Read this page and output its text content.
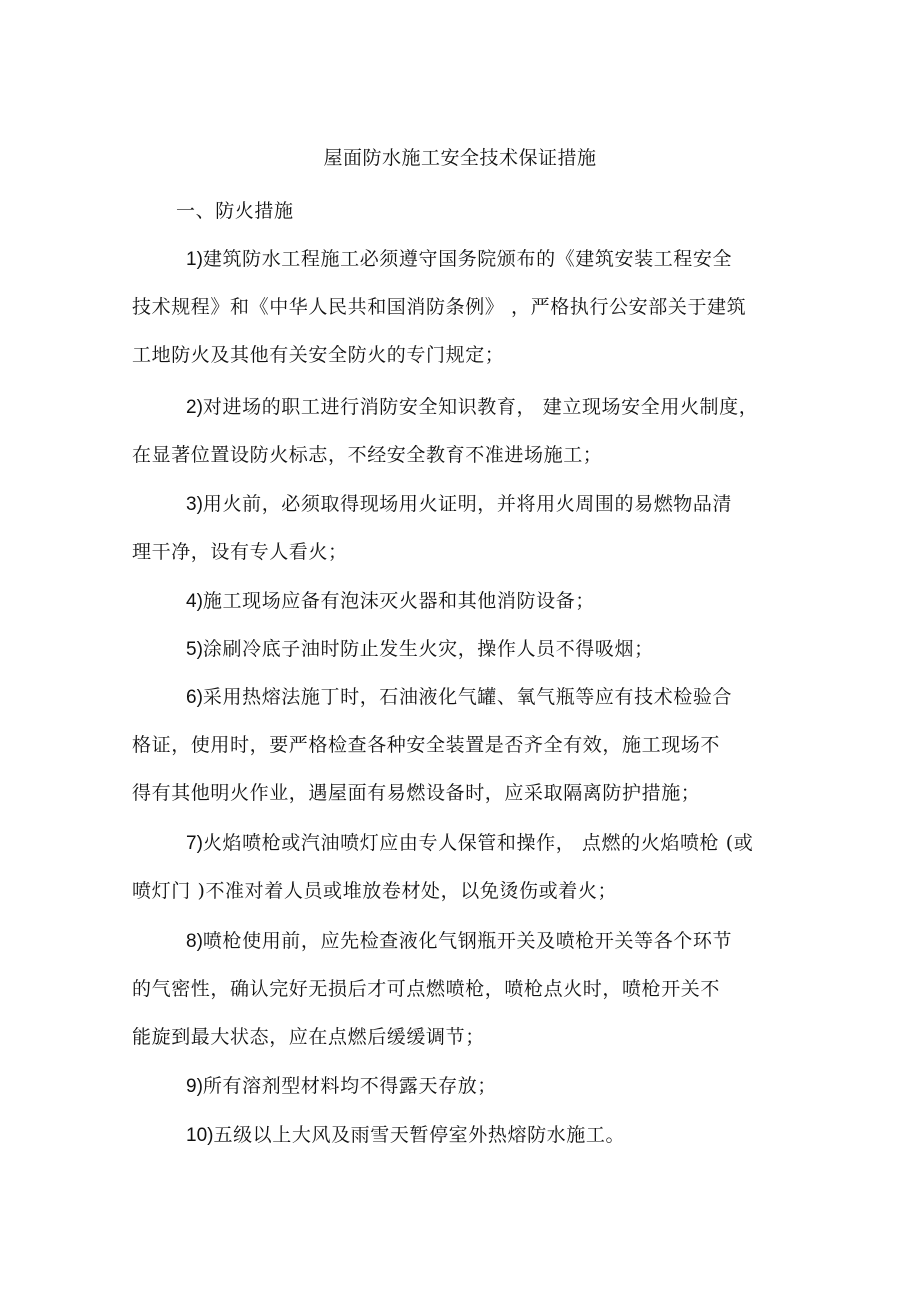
屋面防水施工安全技术保证措施
一、防火措施
1)建筑防水工程施工必须遵守国务院颁布的《建筑安装工程安全
技术规程》和《中华人民共和国消防条例》 ，严格执行公安部关于建筑
工地防火及其他有关安全防火的专门规定；
2)对进场的职工进行消防安全知识教育， 建立现场安全用火制度，
在显著位置设防火标志，不经安全教育不准进场施工；
3)用火前，必须取得现场用火证明，并将用火周围的易燃物品清
理干净，设有专人看火；
4)施工现场应备有泡沫灭火器和其他消防设备；
5)涂刷冷底子油时防止发生火灾，操作人员不得吸烟；
6)采用热熔法施丁时，石油液化气罐、氧气瓶等应有技术检验合
格证，使用时，要严格检查各种安全装置是否齐全有效，施工现场不
得有其他明火作业，遇屋面有易燃设备时，应采取隔离防护措施；
7)火焰喷枪或汽油喷灯应由专人保管和操作， 点燃的火焰喷枪 (或
喷灯门 )不准对着人员或堆放卷材处，以免烫伤或着火；
8)喷枪使用前，应先检查液化气钢瓶开关及喷枪开关等各个环节
的气密性，确认完好无损后才可点燃喷枪，喷枪点火时，喷枪开关不
能旋到最大状态，应在点燃后缓缓调节；
9)所有溶剂型材料均不得露天存放；
10)五级以上大风及雨雪天暂停室外热熔防水施工。
